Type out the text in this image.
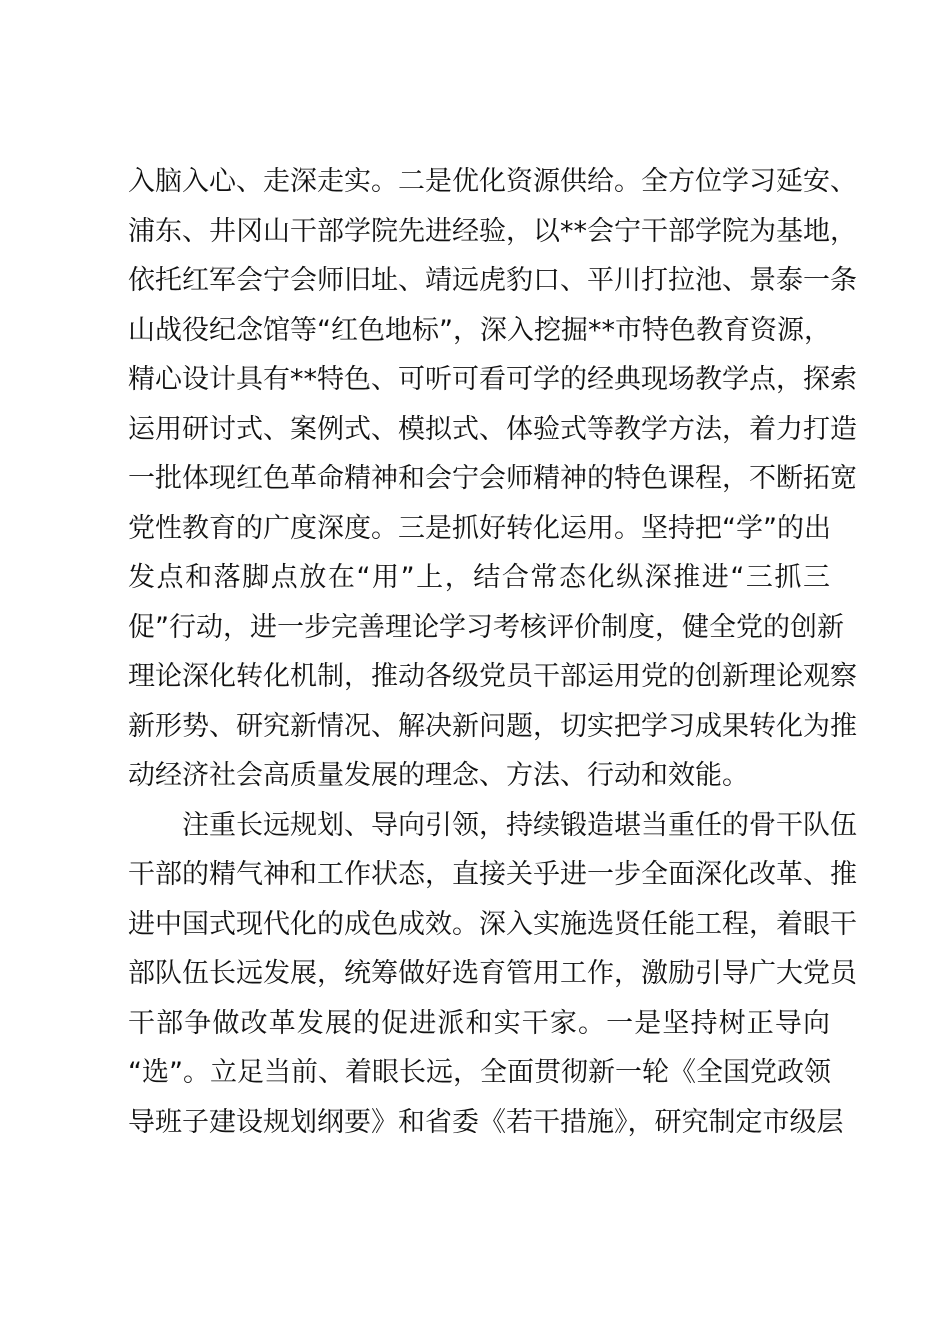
入脑入心、走深走实。二是优化资源供给。全方位学习延安、
浦东、井冈山干部学院先进经验，以**会宁干部学院为基地，
依托红军会宁会师旧址、靖远虎豹口、平川打拉池、景泰一条
山战役纪念馆等“红色地标”，深入挖掘**市特色教育资源，
精心设计具有**特色、可听可看可学的经典现场教学点，探索
运用研讨式、案例式、模拟式、体验式等教学方法，着力打造
一批体现红色革命精神和会宁会师精神的特色课程，不断拓宽
党性教育的广度深度。三是抓好转化运用。坚持把“学”的出
发点和落脚点放在“用”上，结合常态化纵深推进“三抓三
促”行动，进一步完善理论学习考核评价制度，健全党的创新
理论深化转化机制，推动各级党员干部运用党的创新理论观察
新形势、研究新情况、解决新问题，切实把学习成果转化为推
动经济社会高质量发展的理念、方法、行动和效能。
注重长远规划、导向引领，持续锻造堪当重任的骨干队伍
干部的精气神和工作状态，直接关乎进一步全面深化改革、推
进中国式现代化的成色成效。深入实施选贤任能工程，着眼干
部队伍长远发展，统筹做好选育管用工作，激励引导广大党员
干部争做改革发展的促进派和实干家。一是坚持树正导向
“选”。立足当前、着眼长远，全面贯彻新一轮《全国党政领
导班子建设规划纲要》和省委《若干措施》，研究制定市级层
